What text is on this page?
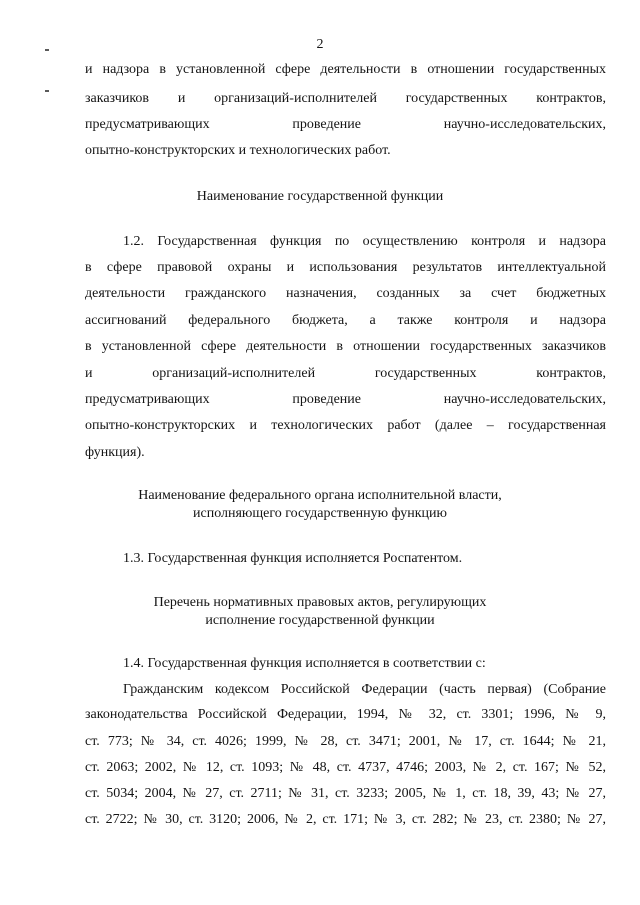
2
и надзора в установленной сфере деятельности в отношении государственных
заказчиков и организаций-исполнителей государственных контрактов,
предусматривающих проведение научно-исследовательских,
опытно-конструкторских и технологических работ.
Наименование государственной функции
1.2. Государственная функция по осуществлению контроля и надзора
в сфере правовой охраны и использования результатов интеллектуальной
деятельности гражданского назначения, созданных за счет бюджетных
ассигнований федерального бюджета, а также контроля и надзора
в установленной сфере деятельности в отношении государственных заказчиков
и организаций-исполнителей государственных контрактов,
предусматривающих проведение научно-исследовательских,
опытно-конструкторских и технологических работ (далее – государственная
функция).
Наименование федерального органа исполнительной власти,
исполняющего государственную функцию
1.3. Государственная функция исполняется Роспатентом.
Перечень нормативных правовых актов, регулирующих
исполнение государственной функции
1.4. Государственная функция исполняется в соответствии с:
Гражданским кодексом Российской Федерации (часть первая) (Собрание
законодательства Российской Федерации, 1994, № 32, ст. 3301; 1996, № 9,
ст. 773; № 34, ст. 4026; 1999, № 28, ст. 3471; 2001, № 17, ст. 1644; № 21,
ст. 2063; 2002, № 12, ст. 1093; № 48, ст. 4737, 4746; 2003, № 2, ст. 167; № 52,
ст. 5034; 2004, № 27, ст. 2711; № 31, ст. 3233; 2005, № 1, ст. 18, 39, 43; № 27,
ст. 2722; № 30, ст. 3120; 2006, № 2, ст. 171; № 3, ст. 282; № 23, ст. 2380; № 27,
